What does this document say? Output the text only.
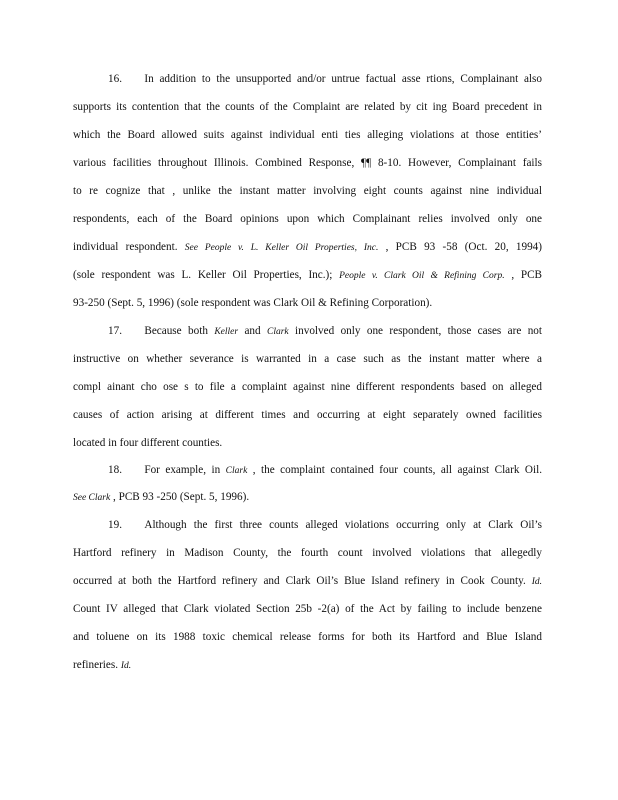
16.   In addition to the unsupported and/or untrue factual asse rtions, Complainant also
supports its contention that the counts of the Complaint are related by cit ing Board precedent in
which the Board allowed suits against individual enti ties alleging violations at those entities’
various facilities throughout Illinois. Combined Response, ¶¶ 8-10. However, Complainant fails
to re cognize that , unlike the instant matter involving eight counts against nine individual
respondents, each of the Board opinions upon which Complainant relies involved only one
individual respondent. See People v. L. Keller Oil Properties, Inc. , PCB 93 -58 (Oct. 20, 1994)
(sole respondent was L. Keller Oil Properties, Inc.); People v. Clark Oil & Refining Corp. , PCB
93-250 (Sept. 5, 1996) (sole respondent was Clark Oil & Refining Corporation).
17.   Because both Keller and Clark involved only one respondent, those cases are not
instructive on whether severance is warranted in a case such as the instant matter where a
compl ainant cho ose s to file a complaint against nine different respondents based on alleged
causes of action arising at different times and occurring at eight separately owned facilities
located in four different counties.
18.   For example, in Clark , the complaint contained four counts, all against Clark Oil.
See Clark , PCB 93 -250 (Sept. 5, 1996).
19.   Although the first three counts alleged violations occurring only at Clark Oil’s
Hartford refinery in Madison County, the fourth count involved violations that allegedly
occurred at both the Hartford refinery and Clark Oil’s Blue Island refinery in Cook County. Id.
Count IV alleged that Clark violated Section 25b -2(a) of the Act by failing to include benzene
and toluene on its 1988 toxic chemical release forms for both its Hartford and Blue Island
refineries. Id.
